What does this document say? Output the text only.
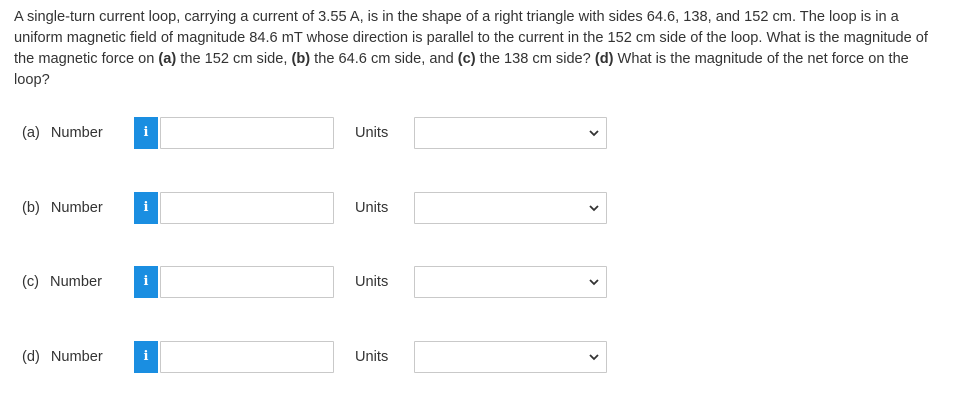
A single-turn current loop, carrying a current of 3.55 A, is in the shape of a right triangle with sides 64.6, 138, and 152 cm. The loop is in a uniform magnetic field of magnitude 84.6 mT whose direction is parallel to the current in the 152 cm side of the loop. What is the magnitude of the magnetic force on (a) the 152 cm side, (b) the 64.6 cm side, and (c) the 138 cm side? (d) What is the magnitude of the net force on the loop?
(a) Number	i	Units
(b) Number	i	Units
(c) Number	i	Units
(d) Number	i	Units
